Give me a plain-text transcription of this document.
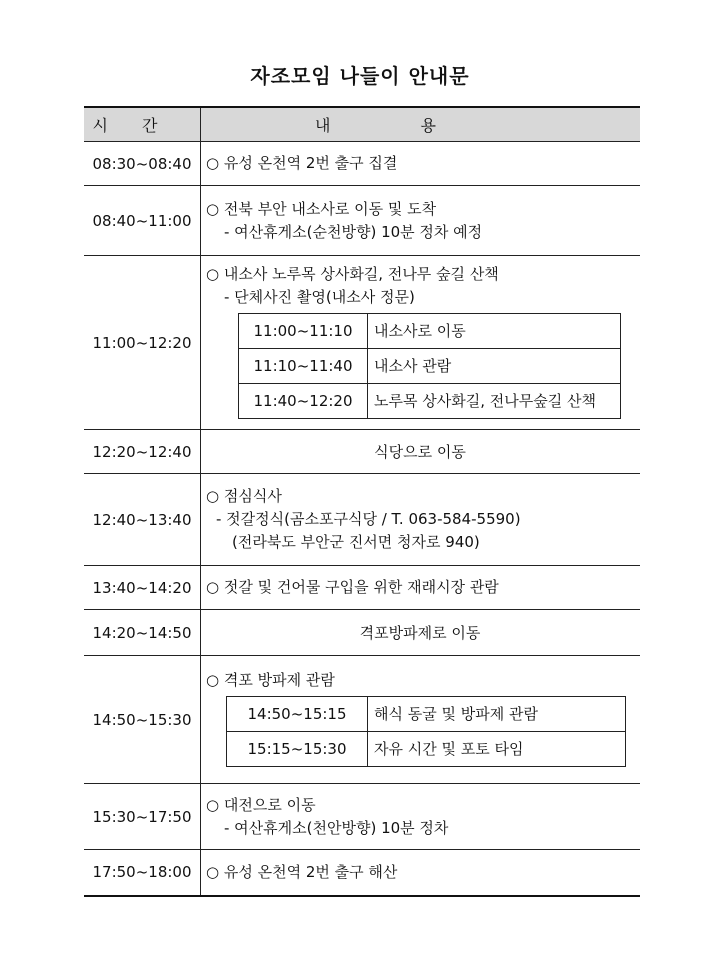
자조모임 나들이 안내문
시간	내용
08:30~08:40	○ 유성 온천역 2번 출구 집결

08:40~11:00	
○ 전북 부안 내소사로 이동 및 도착
- 여산휴게소(순천방향) 10분 정차 예정

11:00~12:20	
○ 내소사 노루목 상사화길, 전나무 숲길 산책
- 단체사진 촬영(내소사 정문)
11:00~11:10	내소사로 이동
11:10~11:40	내소사 관람
11:40~12:20	노루목 상사화길, 전나무숲길 산책

12:20~12:40	식당으로 이동
12:40~13:40	
○ 점심식사
- 젓갈정식(곰소포구식당 / T. 063-584-5590)
(전라북도 부안군 진서면 청자로 940)

13:40~14:20	○ 젓갈 및 건어물 구입을 위한 재래시장 관람

14:20~14:50	격포방파제로 이동
14:50~15:30	
○ 격포 방파제 관람
14:50~15:15	해식 동굴 및 방파제 관람
15:15~15:30	자유 시간 및 포토 타임

15:30~17:50	
○ 대전으로 이동
- 여산휴게소(천안방향) 10분 정차

17:50~18:00	○ 유성 온천역 2번 출구 해산
